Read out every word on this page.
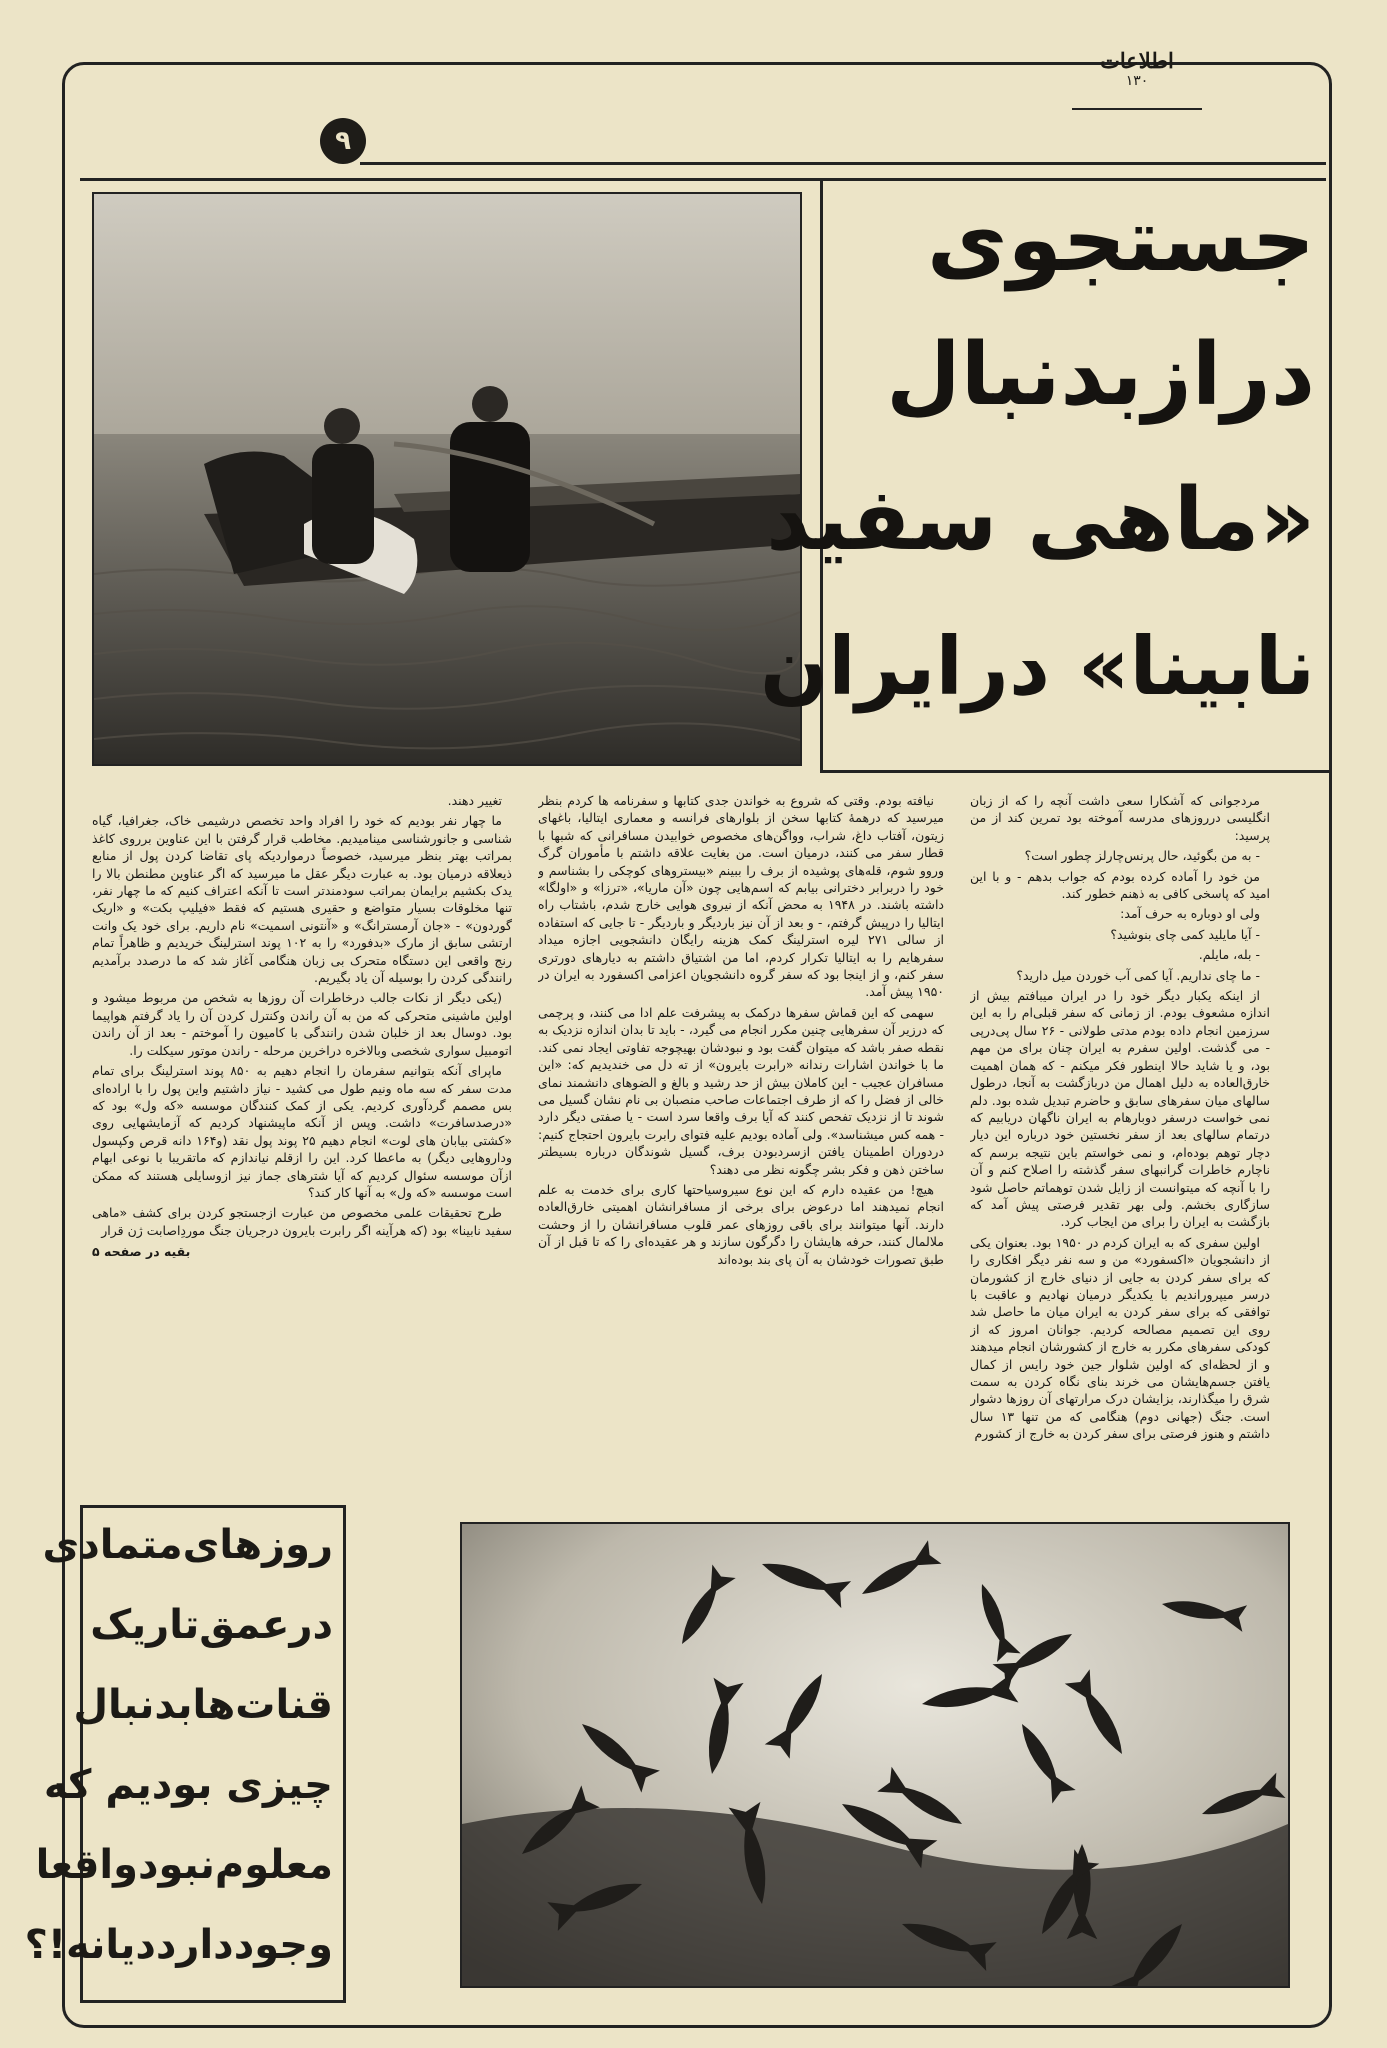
اطلاعات
۱۳۰
۹
جستجوی
درازبدنبال
«ماهی سفید
نابینا» درایران

مردجوانی که آشکارا سعی داشت آنچه را که از زبان انگلیسی درروزهای مدرسه آموخته بود تمرین کند از من پرسید:

- به من بگوئید، حال پرنس‌چارلز چطور است؟

من خود را آماده کرده بودم که جواب بدهم - و با این امید که پاسخی کافی به ذهنم خطور کند.

ولی او دوباره به حرف آمد:

- آیا مایلید کمی چای بنوشید؟

- بله، مایلم.

- ما چای نداریم. آیا کمی آب خوردن میل دارید؟

از اینکه یکبار دیگر خود را در ایران میبافتم بیش از اندازه مشعوف بودم. از زمانی که سفر قبلی‌ام را به این سرزمین انجام داده بودم مدتی طولانی - ۲۶ سال پی‌درپی - می گذشت. اولین سفرم به ایران چنان برای من مهم بود، و یا شاید حالا اینطور فکر میکنم - که همان اهمیت خارق‌العاده به دلیل اهمال من دربازگشت به آنجا، درطول سالهای میان سفرهای سابق و حاضرم تبدیل شده بود. دلم نمی خواست درسفر دوبارهام به ایران ناگهان دریابیم که درتمام سالهای بعد از سفر نخستین خود درباره این دیار دچار توهم بوده‌ام، و نمی خواستم باین نتیجه برسم که ناچارم خاطرات گرانبهای سفر گذشته را اصلاح کنم و آن را با آنچه که میتوانست از زایل شدن توهماتم حاصل شود سازگاری بخشم. ولی بهر تقدیر فرصتی پیش آمد که بازگشت به ایران را برای من ایجاب کرد.

اولین سفری که به ایران کردم در ۱۹۵۰ بود. بعنوان یکی از دانشجویان «اکسفورد» من و سه نفر دیگر افکاری را که برای سفر کردن به جایی از دنیای خارج از کشورمان درسر میپروراندیم با یکدیگر درمیان نهادیم و عاقبت با توافقی که برای سفر کردن به ایران میان ما حاصل شد روی این تصمیم مصالحه کردیم. جوانان امروز که از کودکی سفرهای مکرر به خارج از کشورشان انجام میدهند و از لحظه‌ای که اولین شلوار جین خود رایس از کمال یافتن جسم‌هایشان می خرند بنای نگاه کردن به سمت شرق را میگذارند، بزایشان درک مرارتهای آن روزها دشوار است. جنگ (جهانی دوم) هنگامی که من تنها ۱۳ سال داشتم و هنوز فرصتی برای سفر کردن به خارج از کشورم

نیافته بودم. وقتی که شروع به خواندن جدی کتابها و سفرنامه ها کردم بنظر میرسید که درهمهٔ کتابها سخن از بلوارهای فرانسه و معماری ایتالیا، باغهای زیتون، آفتاب داغ، شراب، وواگن‌های مخصوص خوابیدن مسافرانی که شبها با قطار سفر می کنند، درمیان است. من بغایت علاقه داشتم با مأموران گرگ وروو شوم، قله‌های پوشیده از برف را ببینم «بیستروهای کوچکی را بشناسم و خود را دربرابر دخترانی بیابم که اسم‌هایی چون «آن ماریا»، «ترزا» و «اولگا» داشته باشند. در ۱۹۴۸ به محض آنکه از نیروی هوایی خارج شدم، باشتاب راه ایتالیا را درپیش گرفتم، - و بعد از آن نیز باردیگر و باردیگر - تا جایی که استفاده از سالی ۲۷۱ لیره استرلینگ کمک هزینه رایگان دانشجویی اجازه میداد سفرهایم را به ایتالیا تکرار کردم، اما من اشتیاق داشتم به دیارهای دورتری سفر کنم، و از اینجا بود که سفر گروه دانشجویان اعزامی اکسفورد به ایران در ۱۹۵۰ پیش آمد.

سهمی که این قماش سفرها درکمک به پیشرفت علم ادا می کنند، و پرچمی که درزیر آن سفرهایی چنین مکرر انجام می گیرد، - باید تا بدان اندازه نزدیک به نقطه صفر باشد که میتوان گفت بود و نبودشان بهیچوجه تفاوتی ایجاد نمی کند. ما با خواندن اشارات رندانه «رابرت بایرون» از ته دل می خندیدیم که: «این مسافران عجیب - این کاملان بیش از حد رشید و بالغ و الضوهای دانشمند نمای خالی از فضل را که از طرف اجتماعات صاحب منصبان بی نام نشان گسیل می شوند تا از نزدیک تفحص کنند که آیا برف واقعا سرد است - یا صفتی دیگر دارد - همه کس میشناسد». ولی آماده بودیم علیه فتوای رابرت بایرون احتجاج کنیم: دردوران اطمینان یافتن ازسردبودن برف، گسیل شوندگان درباره بسیطتر ساختن ذهن و فکر بشر چگونه نظر می دهند؟

هیچ! من عقیده دارم که این نوع سیروسیاحتها کاری برای خدمت به علم انجام نمیدهند اما درعوض برای برخی از مسافرانشان اهمیتی خارق‌العاده دارند. آنها میتوانند برای باقی روزهای عمر قلوب مسافرانشان را از وحشت ملالمال کنند، حرفه هایشان را دگرگون سازند و هر عقیده‌ای را که تا قبل از آن طبق تصورات خودشان به آن پای بند بوده‌اند

تغییر دهند.

ما چهار نفر بودیم که خود را افراد واحد تخصص درشیمی خاک، جغرافیا، گیاه شناسی و جانورشناسی مینامیدیم. مخاطب قرار گرفتن با این عناوین برروی کاغذ بمراتب بهتر بنظر میرسید، خصوصاً درمواردیکه پای تقاضا کردن پول از منابع ذیعلاقه درمیان بود. به عبارت دیگر عقل ما میرسید که اگر عناوین مطنطن بالا را یدک بکشیم برایمان بمراتب سودمندتر است تا آنکه اعتراف کنیم که ما چهار نفر، تنها مخلوقات بسیار متواضع و حقیری هستیم که فقط «فیلیپ بکت» و «اریک گوردون» - «جان آرمسترانگ» و «آنتونی اسمیت» نام داریم. برای خود یک وانت ارتشی سابق از مارک «بدفورد» را به ۱۰۲ پوند استرلینگ خریدیم و ظاهراً تمام رنج واقعی این دستگاه متحرک بی زبان هنگامی آغاز شد که ما درصدد برآمدیم رانندگی کردن را بوسیله آن یاد بگیریم.

(یکی دیگر از نکات جالب درخاطرات آن روزها به شخص من مربوط میشود و اولین ماشینی متحرکی که من به آن راندن وکنترل کردن آن را یاد گرفتم هواپیما بود. دوسال بعد از خلبان شدن رانندگی با کامیون را آموختم - بعد از آن راندن اتومبیل سواری شخصی وبالاخره دراخرین مرحله - راندن موتور سیکلت را.

ماپرای آنکه بتوانیم سفرمان را انجام دهیم به ۸۵۰ پوند استرلینگ برای تمام مدت سفر که سه ماه ونیم طول می کشید - نیاز داشتیم واین پول را با اراده‌ای بس مصمم گردآوری کردیم. یکی از کمک کنندگان موسسه «که ول» بود که «درصدسافرت» داشت. وپس از آنکه ماپیشنهاد کردیم که آزمایشهایی روی «کشتی بیابان های لوت» انجام دهیم ۲۵ پوند پول نقد (و۱۶۴ دانه قرص وکپسول وداروهایی دیگر) به ماعطا کرد. این را ازقلم نیاندازم که ماتقریبا با نوعی ابهام ازآن موسسه سئوال کردیم که آیا شترهای جماز نیز ازوسایلی هستند که ممکن است موسسه «که ول» به آنها کار کند؟

طرح تحقیقات علمی مخصوص من عبارت ازجستجو کردن برای کشف «ماهی سفید نابینا» بود (که هرآینه اگر رابرت بایرون درجریان جنگ موردِاصابت ژن قرار

بقیه در صفحه ۵
روزهای‌متمادی
درعمق‌تاریک
قنات‌هابدنبال
چیزی بودیم که
معلوم‌نبودواقعا
وجوددارددیانه!؟
